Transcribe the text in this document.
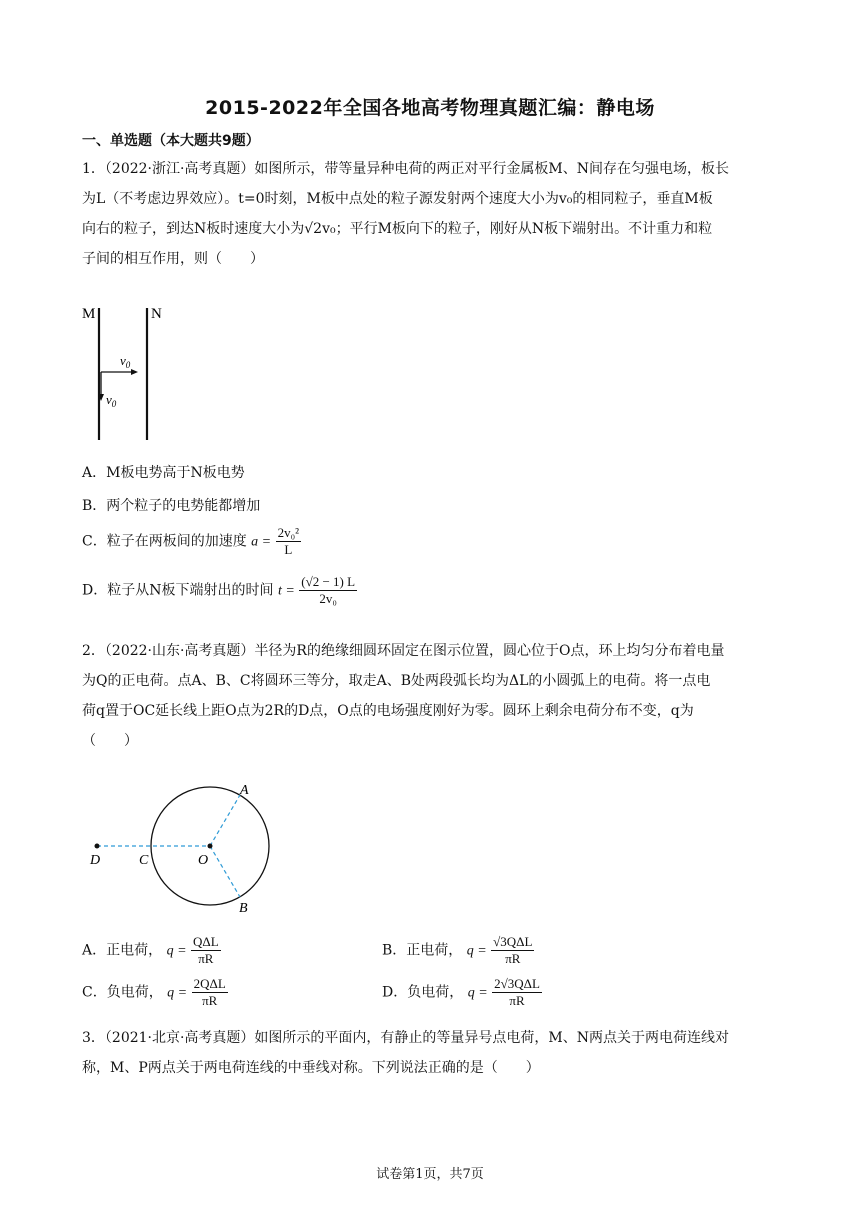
2015-2022年全国各地高考物理真题汇编：静电场
一、单选题（本大题共9题）
1．（2022·浙江·高考真题）如图所示，带等量异种电荷的两正对平行金属板M、N间存在匀强电场，板长
为L（不考虑边界效应）。t=0时刻，M板中点处的粒子源发射两个速度大小为v₀的相同粒子，垂直M板
向右的粒子，到达N板时速度大小为√2v₀；平行M板向下的粒子，刚好从N板下端射出。不计重力和粒
子间的相互作用，则（　　）
M	N
$v_0$
$v_0$
A．M板电势高于N板电势
B．两个粒子的电势能都增加
C．粒子在两板间的加速度 $a = \frac{\text{2v₀²}}{L}$
D．粒子从N板下端射出的时间 $t = \frac{(√2 - 1) L}{\text{2v₀}}$
2．（2022·山东·高考真题）半径为R的绝缘细圆环固定在图示位置，圆心位于O点，环上均匀分布着电量
为Q的正电荷。点A、B、C将圆环三等分，取走A、B处两段弧长均为ΔL的小圆弧上的电荷。将一点电
荷q置于OC延长线上距O点为2R的D点，O点的电场强度刚好为零。圆环上剩余电荷分布不变，q为
（　　）
A
B
C
D	O
A．正电荷， $q = \frac{\text{QΔL}}{\pi R}$	B．正电荷， $q = \frac{\text{√3QΔL}}{\pi R}$
C．负电荷， $q = \frac{\text{2QΔL}}{\pi R}$	D．负电荷， $q = \frac{\text{2√3QΔL}}{\pi R}$
3．（2021·北京·高考真题）如图所示的平面内，有静止的等量异号点电荷，M、N两点关于两电荷连线对
称，M、P两点关于两电荷连线的中垂线对称。下列说法正确的是（　　）
试卷第1页，共7页
